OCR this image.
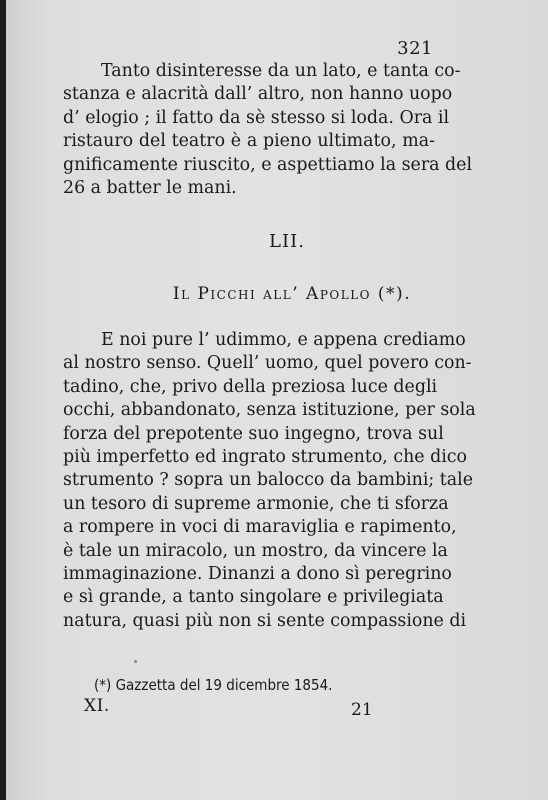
321
Tanto disinteresse da un lato, e tanta co-
stanza e alacrità dall’ altro, non hanno uopo
d’ elogio ; il fatto da sè stesso si loda. Ora il
ristauro del teatro è a pieno ultimato, ma-
gnificamente riuscito, e aspettiamo la sera del
26 a batter le mani.
LII.
Il Picchi all’ Apollo (*).
E noi pure l’ udimmo, e appena crediamo
al nostro senso. Quell’ uomo, quel povero con-
tadino, che, privo della preziosa luce degli
occhi, abbandonato, senza istituzione, per sola
forza del prepotente suo ingegno, trova sul
più imperfetto ed ingrato strumento, che dico
strumento ? sopra un balocco da bambini; tale
un tesoro di supreme armonie, che ti sforza
a rompere in voci di maraviglia e rapimento,
è tale un miracolo, un mostro, da vincere la
immaginazione. Dinanzi a dono sì peregrino
e sì grande, a tanto singolare e privilegiata
natura, quasi più non si sente compassione di
(*) Gazzetta del 19 dicembre 1854.
XI.	21
